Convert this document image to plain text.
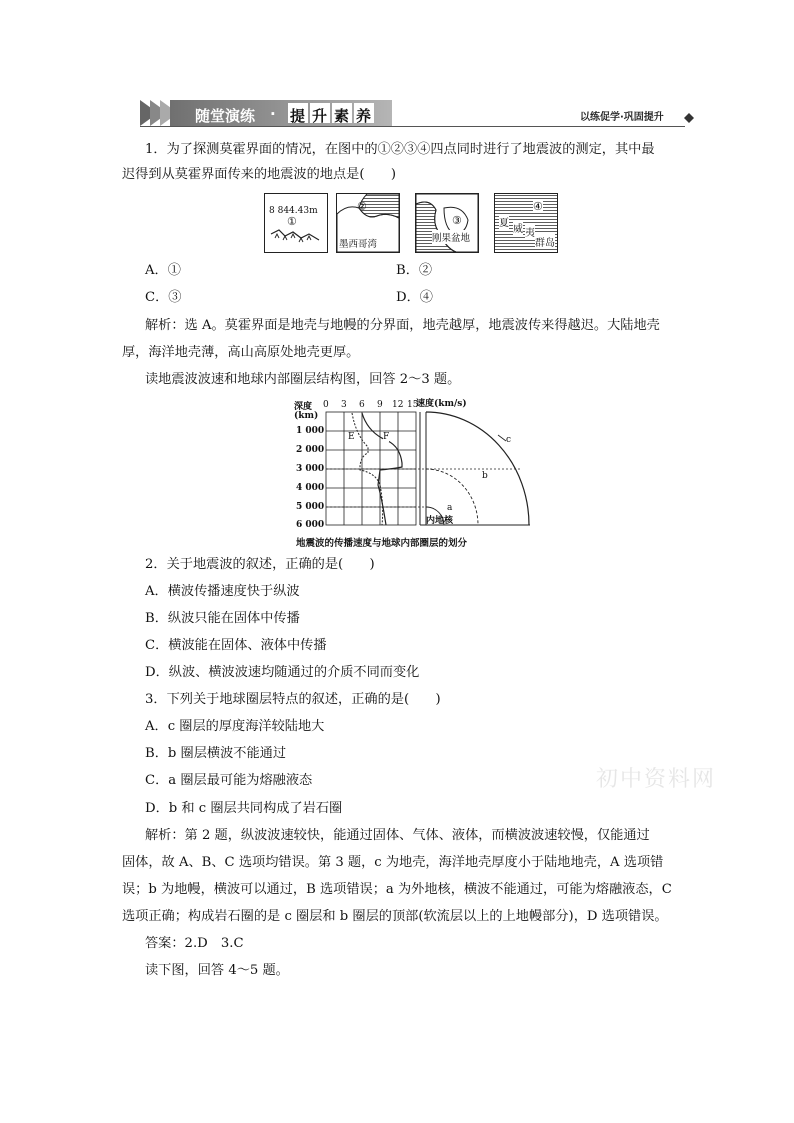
随堂演练 · 提 升 素 养	以练促学·巩固提升
1．为了探测莫霍界面的情况，在图中的①②③④四点同时进行了地震波的测定，其中最
迟得到从莫霍界面传来的地震波的地点是(　　)
8 844.43m
①
②
墨西哥湾
③
刚果盆地
④
夏
威 夷
群岛
A．①	B．②
C．③	D．④
解析：选 A。莫霍界面是地壳与地幔的分界面，地壳越厚，地震波传来得越迟。大陆地壳
厚，海洋地壳薄，高山高原处地壳更厚。
读地震波波速和地球内部圈层结构图，回答 2～3 题。
深度
(km)
速度(km/s)
0 3 6 9 12 15
1 000
2 000
3 000
4 000
5 000
6 000
E	F	c
b
a
内地核
地震波的传播速度与地球内部圈层的划分
2．关于地震波的叙述，正确的是(　　)
A．横波传播速度快于纵波
B．纵波只能在固体中传播
C．横波能在固体、液体中传播
D．纵波、横波波速均随通过的介质不同而变化
3．下列关于地球圈层特点的叙述，正确的是(　　)
A．c 圈层的厚度海洋较陆地大
B．b 圈层横波不能通过
C．a 圈层最可能为熔融液态
D．b 和 c 圈层共同构成了岩石圈
初中资料网
解析：第 2 题，纵波波速较快，能通过固体、气体、液体，而横波波速较慢，仅能通过
固体，故 A、B、C 选项均错误。第 3 题，c 为地壳，海洋地壳厚度小于陆地地壳，A 选项错
误；b 为地幔，横波可以通过，B 选项错误；a 为外地核，横波不能通过，可能为熔融液态，C
选项正确；构成岩石圈的是 c 圈层和 b 圈层的顶部(软流层以上的上地幔部分)，D 选项错误。
答案：2.D　3.C
读下图，回答 4～5 题。
